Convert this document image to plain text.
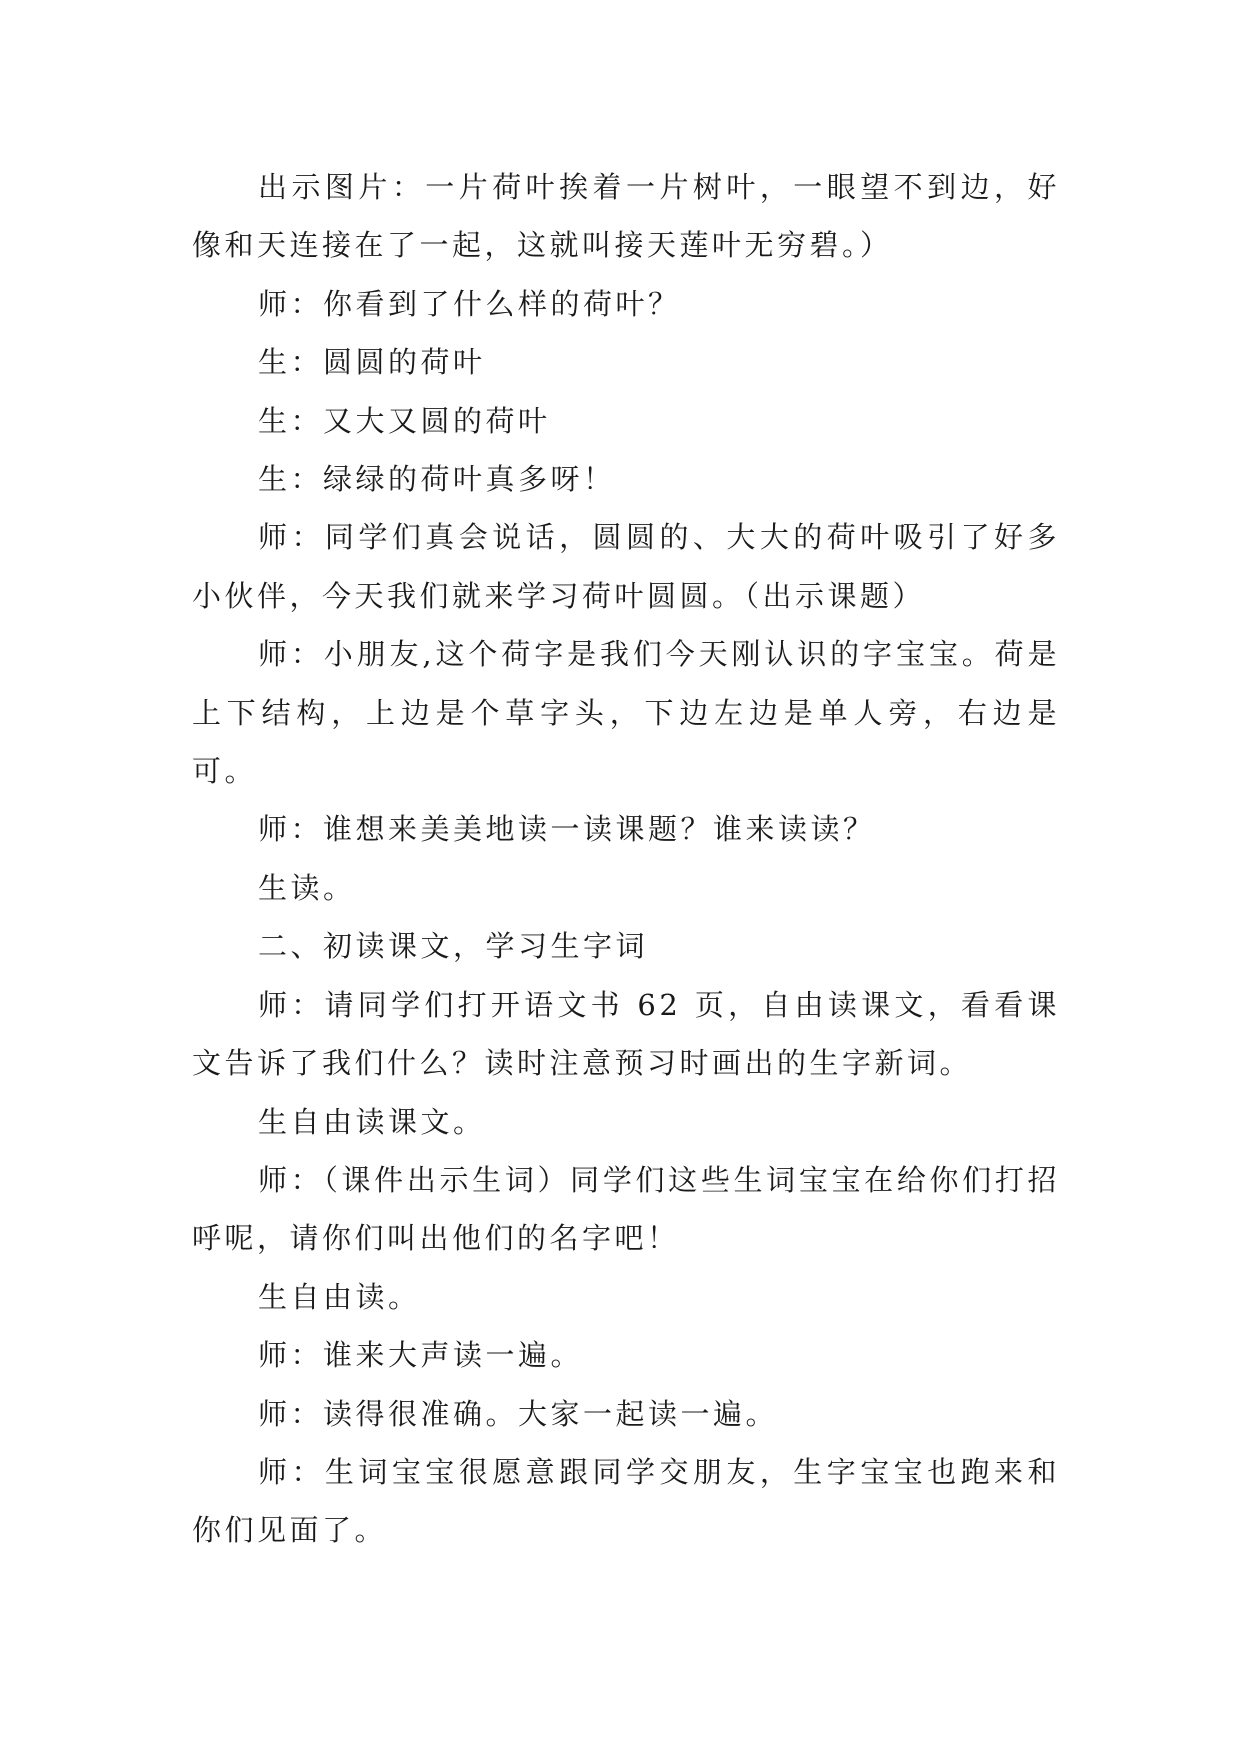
出示图片：一片荷叶挨着一片树叶，一眼望不到边，好像和天连接在了一起，这就叫接天莲叶无穷碧。）

师：你看到了什么样的荷叶？

生：圆圆的荷叶

生：又大又圆的荷叶

生：绿绿的荷叶真多呀！

师：同学们真会说话，圆圆的、大大的荷叶吸引了好多小伙伴，今天我们就来学习荷叶圆圆。（出示课题）

师：小朋友,这个荷字是我们今天刚认识的字宝宝。荷是上下结构，上边是个草字头，下边左边是单人旁，右边是可。

师：谁想来美美地读一读课题？谁来读读？

生读。

二、初读课文，学习生字词

师：请同学们打开语文书 62 页，自由读课文，看看课文告诉了我们什么？读时注意预习时画出的生字新词。

生自由读课文。

师：（课件出示生词）同学们这些生词宝宝在给你们打招呼呢，请你们叫出他们的名字吧！

生自由读。

师：谁来大声读一遍。

师：读得很准确。大家一起读一遍。

师：生词宝宝很愿意跟同学交朋友，生字宝宝也跑来和你们见面了。
